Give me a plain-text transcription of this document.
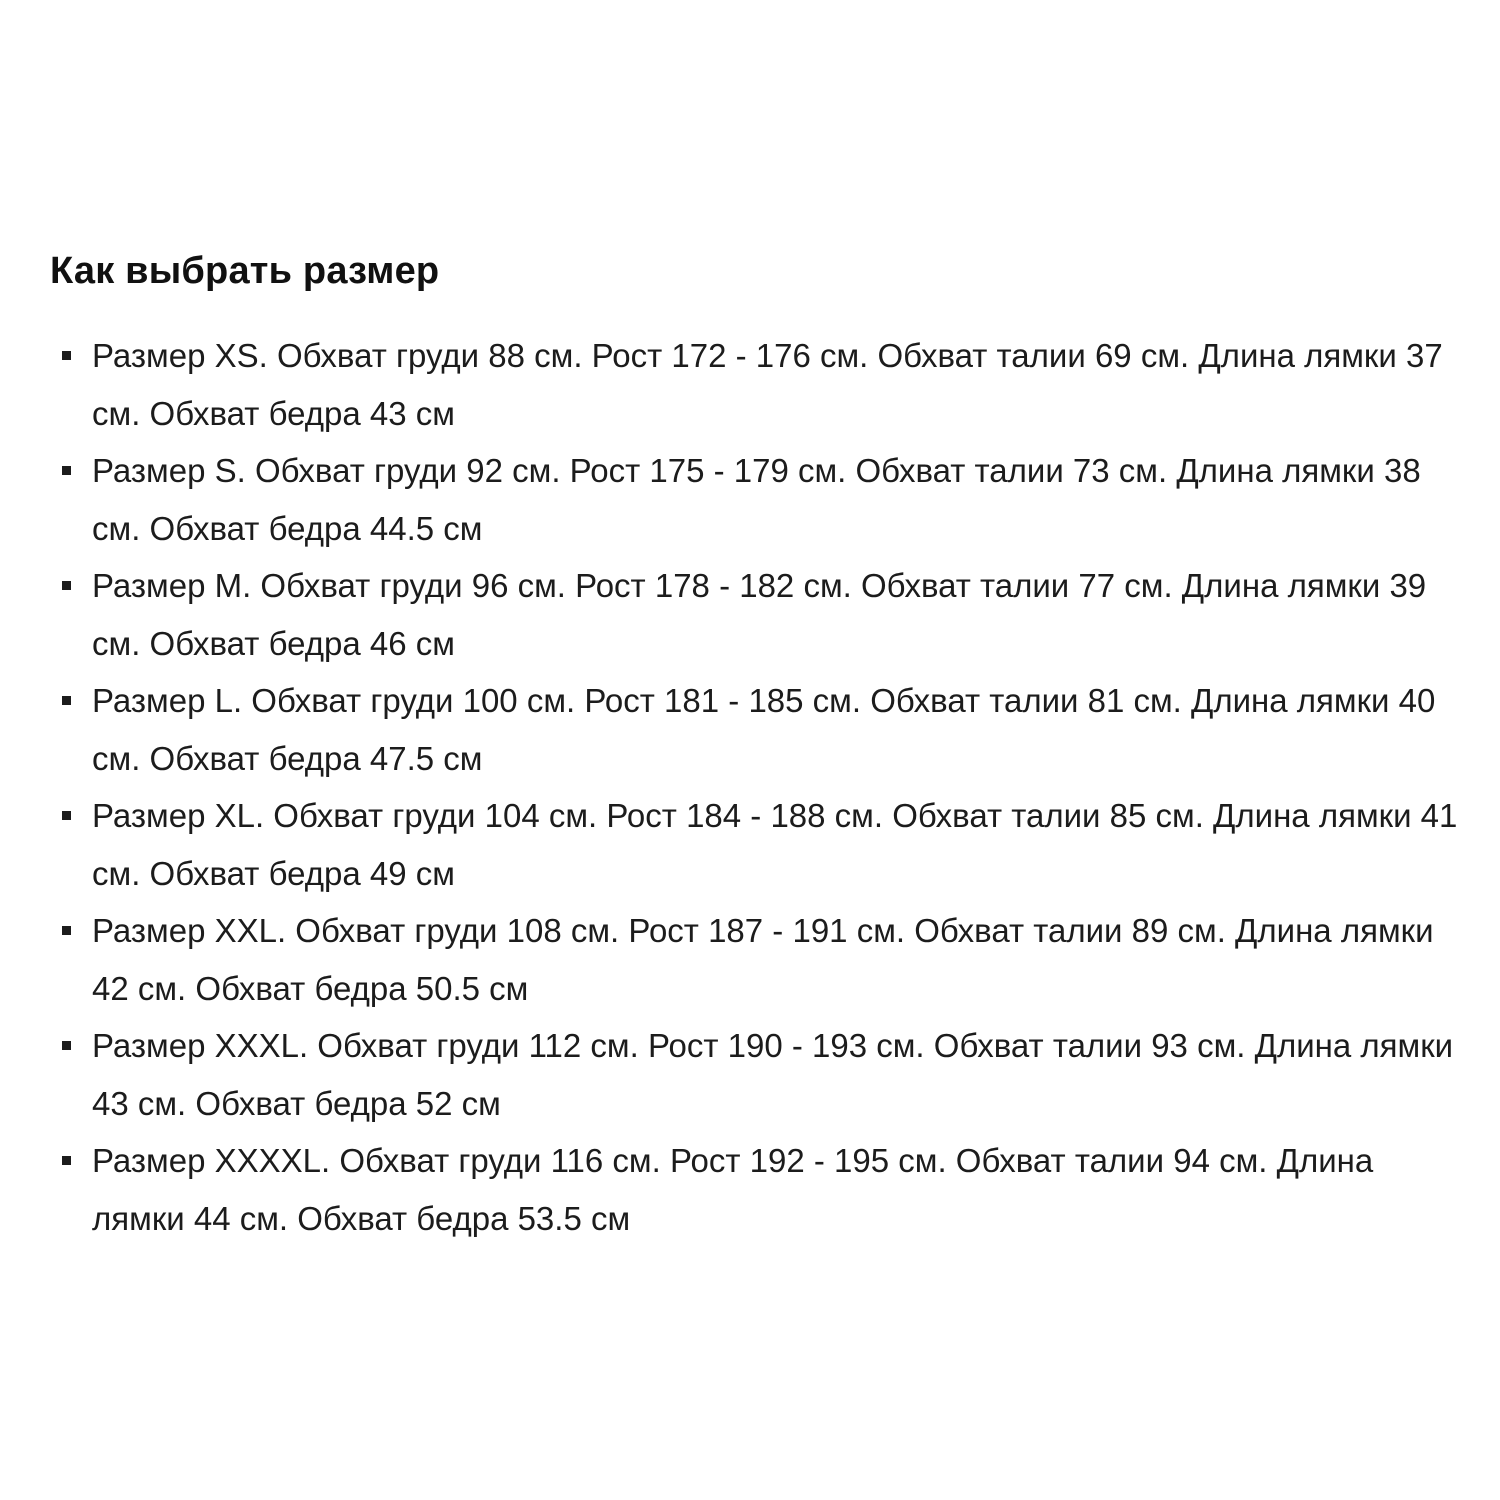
Как выбрать размер
Размер XS. Обхват груди 88 см. Рост 172 - 176 см. Обхват талии 69 см. Длина лямки 37 см. Обхват бедра 43 см
Размер S. Обхват груди 92 см. Рост 175 - 179 см. Обхват талии 73 см. Длина лямки 38 см. Обхват бедра 44.5 см
Размер M. Обхват груди 96 см. Рост 178 - 182 см. Обхват талии 77 см. Длина лямки 39 см. Обхват бедра 46 см
Размер L. Обхват груди 100 см. Рост 181 - 185 см. Обхват талии 81 см. Длина лямки 40 см. Обхват бедра 47.5 см
Размер XL. Обхват груди 104 см. Рост 184 - 188 см. Обхват талии 85 см. Длина лямки 41 см. Обхват бедра 49 см
Размер XXL. Обхват груди 108 см. Рост 187 - 191 см. Обхват талии 89 см. Длина лямки 42 см. Обхват бедра 50.5 см
Размер XXXL. Обхват груди 112 см. Рост 190 - 193 см. Обхват талии 93 см. Длина лямки 43 см. Обхват бедра 52 см
Размер XXXXL. Обхват груди 116 см. Рост 192 - 195 см. Обхват талии 94 см. Длина лямки 44 см. Обхват бедра 53.5 см
